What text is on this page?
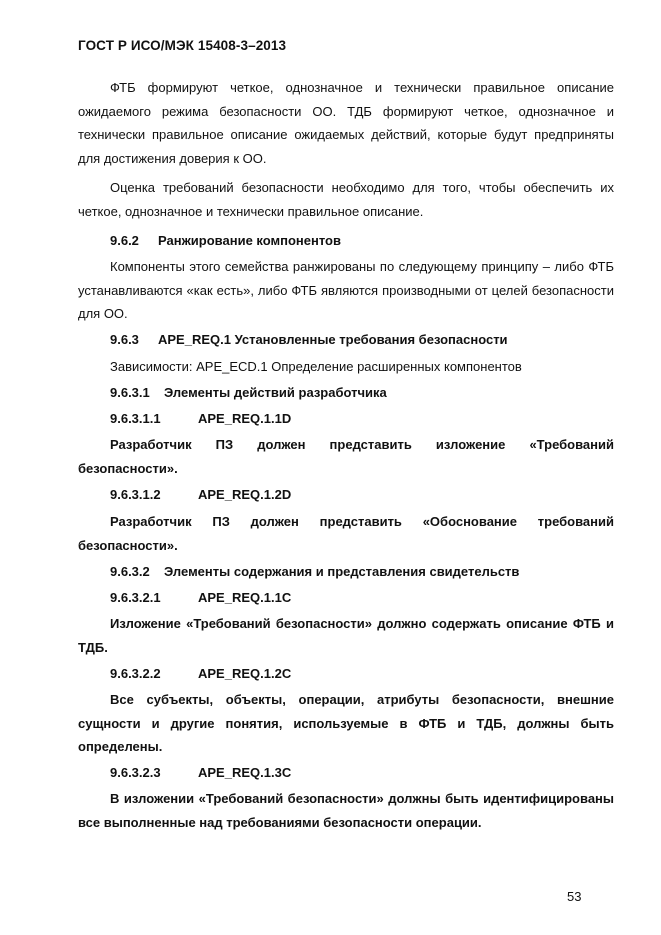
ГОСТ Р ИСО/МЭК 15408-3–2013
ФТБ формируют четкое, однозначное и технически правильное описание ожидаемого режима безопасности ОО. ТДБ формируют четкое, однозначное и технически правильное описание ожидаемых действий, которые будут предприняты для достижения доверия к ОО.
Оценка требований безопасности необходимо для того, чтобы обеспечить их четкое, однозначное и технически правильное описание.
9.6.2 Ранжирование компонентов
Компоненты этого семейства ранжированы по следующему принципу – либо ФТБ устанавливаются «как есть», либо ФТБ являются производными от целей безопасности для ОО.
9.6.3 APE_REQ.1 Установленные требования безопасности
Зависимости: APE_ECD.1 Определение расширенных компонентов
9.6.3.1 Элементы действий разработчика
9.6.3.1.1	APE_REQ.1.1D
Разработчик ПЗ должен представить изложение «Требований безопасности».
9.6.3.1.2	APE_REQ.1.2D
Разработчик ПЗ должен представить «Обоснование требований безопасности».
9.6.3.2 Элементы содержания и представления свидетельств
9.6.3.2.1	APE_REQ.1.1C
Изложение «Требований безопасности» должно содержать описание ФТБ и ТДБ.
9.6.3.2.2	APE_REQ.1.2C
Все субъекты, объекты, операции, атрибуты безопасности, внешние сущности и другие понятия, используемые в ФТБ и ТДБ, должны быть определены.
9.6.3.2.3	APE_REQ.1.3C
В изложении «Требований безопасности» должны быть идентифицированы все выполненные над требованиями безопасности операции.
53
